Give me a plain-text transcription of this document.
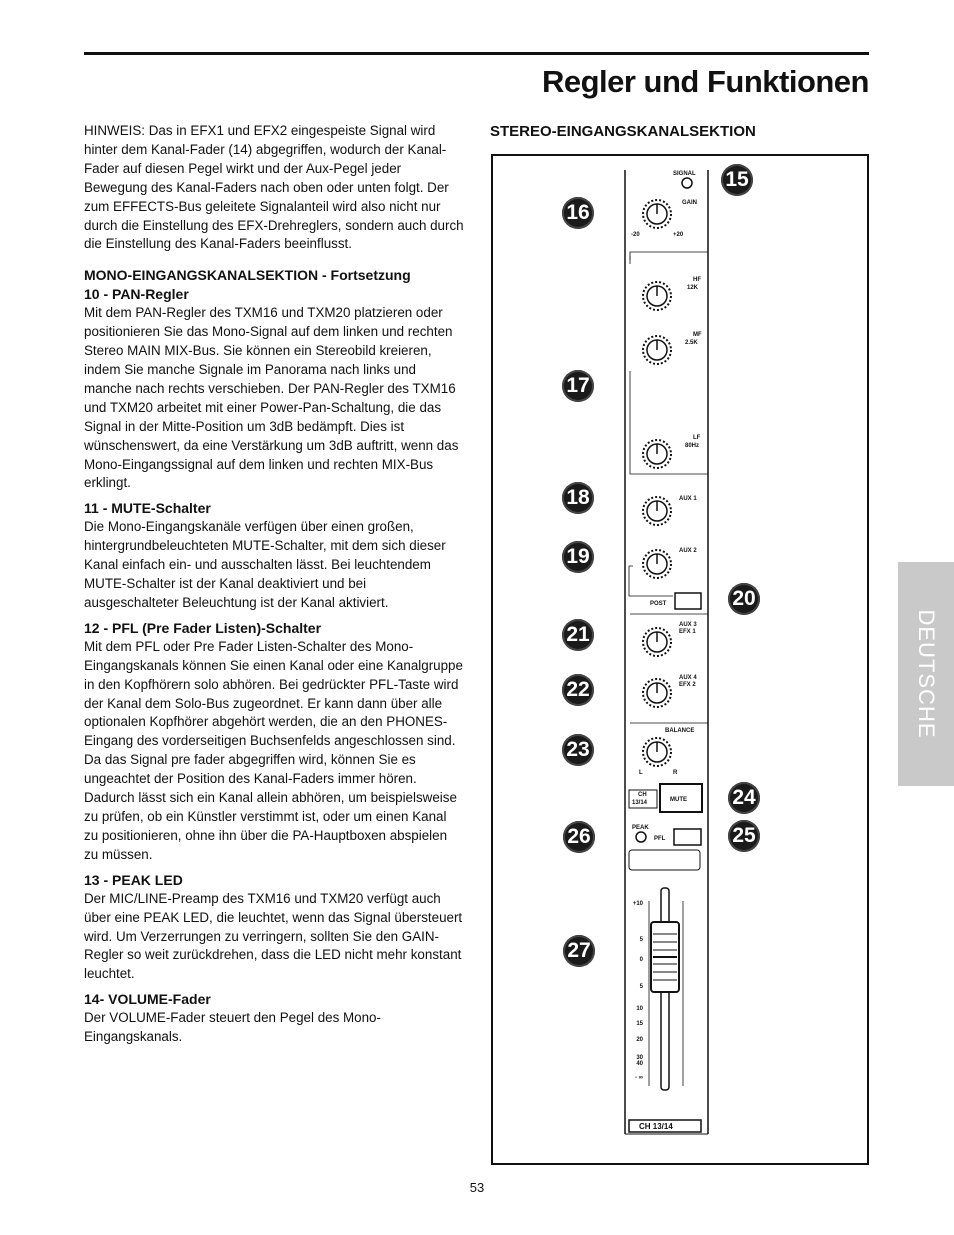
Regler und Funktionen

HINWEIS: Das in EFX1 und EFX2 eingespeiste Signal wird hinter dem Kanal-Fader (14) abgegriffen, wodurch der Kanal-Fader auf diesen Pegel wirkt und der Aux-Pegel jeder Bewegung des Kanal-Faders nach oben oder unten folgt. Der zum EFFECTS-Bus geleitete Signalanteil wird also nicht nur durch die Einstellung des EFX-Drehreglers, sondern auch durch die Einstellung des Kanal-Faders beeinflusst.

MONO-EINGANGSKANALSEKTION - Fortsetzung

10 - PAN-Regler

Mit dem PAN-Regler des TXM16 und TXM20 platzieren oder positionieren Sie das Mono-Signal auf dem linken und rechten Stereo MAIN MIX-Bus. Sie können ein Stereobild kreieren, indem Sie manche Signale im Panorama nach links und manche nach rechts verschieben. Der PAN-Regler des TXM16 und TXM20 arbeitet mit einer Power-Pan-Schaltung, die das Signal in der Mitte-Position um 3dB bedämpft. Dies ist wünschenswert, da eine Verstärkung um 3dB auftritt, wenn das Mono-Eingangssignal auf dem linken und rechten MIX-Bus erklingt.

11 - MUTE-Schalter

Die Mono-Eingangskanäle verfügen über einen großen, hintergrundbeleuchteten MUTE-Schalter, mit dem sich dieser Kanal einfach ein- und ausschalten lässt. Bei leuchtendem MUTE-Schalter ist der Kanal deaktiviert und bei ausgeschalteter Beleuchtung ist der Kanal aktiviert.

12 - PFL (Pre Fader Listen)-Schalter

Mit dem PFL oder Pre Fader Listen-Schalter des Mono-Eingangskanals können Sie einen Kanal oder eine Kanalgruppe in den Kopfhörern solo abhören. Bei gedrückter PFL-Taste wird der Kanal dem Solo-Bus zugeordnet. Er kann dann über alle optionalen Kopfhörer abgehört werden, die an den PHONES-Eingang des vorderseitigen Buchsenfelds angeschlossen sind. Da das Signal pre fader abgegriffen wird, können Sie es ungeachtet der Position des Kanal-Faders immer hören. Dadurch lässt sich ein Kanal allein abhören, um beispielsweise zu prüfen, ob ein Künstler verstimmt ist, oder um einen Kanal zu positionieren, ohne ihn über die PA-Hauptboxen abspielen zu müssen.

13 - PEAK LED

Der MIC/LINE-Preamp des TXM16 und TXM20 verfügt auch über eine PEAK LED, die leuchtet, wenn das Signal übersteuert wird. Um Verzerrungen zu verringern, sollten Sie den GAIN-Regler so weit zurückdrehen, dass die LED nicht mehr konstant leuchtet.

14- VOLUME-Fader

Der VOLUME-Fader steuert den Pegel des Mono-Eingangskanals.

STEREO-EINGANGSKANALSEKTION
SIGNAL
GAIN
-20	+20
HF
12K
MF
2.5K
LF
80Hz
AUX 1
AUX 2
POST
AUX 3
EFX 1
AUX 4
EFX 2
BALANCE
L	R
CH
13/14	MUTE
PEAK
PFL
+10
5
0
5
10
15
20
30
40
- ∞
CH 13/14
15
16
17
18
19
20
21
22
23
24
25
26
27
DEUTSCHE
53
